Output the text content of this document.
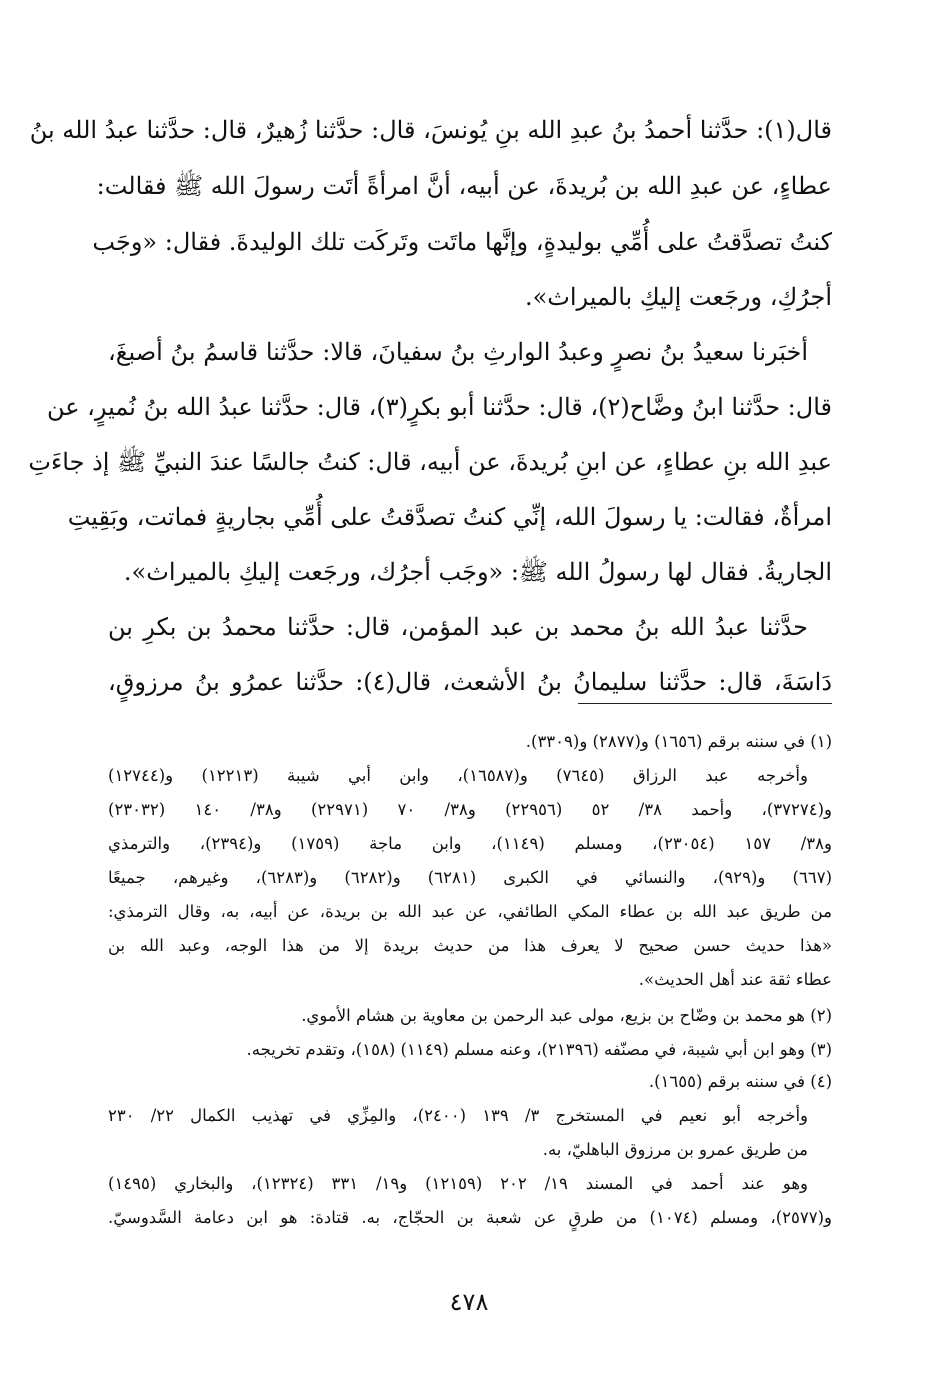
قال(١): حدَّثنا أحمدُ بنُ عبدِ الله بنِ يُونسَ، قال: حدَّثنا زُهيرٌ، قال: حدَّثنا عبدُ الله بنُ
عطاءٍ، عن عبدِ الله بن بُريدةَ، عن أبيه، أنَّ امرأةً أتَت رسولَ الله ﷺ فقالت:
كنتُ تصدَّقتُ على أُمِّي بوليدةٍ، وإنَّها ماتَت وتَركَت تلك الوليدةَ. فقال: «وجَب
أجرُكِ، ورجَعت إليكِ بالميراث».
أخبَرنا سعيدُ بنُ نصرٍ وعبدُ الوارثِ بنُ سفيانَ، قالا: حدَّثنا قاسمُ بنُ أصبغَ،
قال: حدَّثنا ابنُ وضَّاح(٢)، قال: حدَّثنا أبو بكرٍ(٣)، قال: حدَّثنا عبدُ الله بنُ نُميرٍ، عن
عبدِ الله بنِ عطاءٍ، عن ابنِ بُريدةَ، عن أبيه، قال: كنتُ جالسًا عندَ النبيِّ ﷺ إذ جاءَتِ
امرأةٌ، فقالت: يا رسولَ الله، إنِّي كنتُ تصدَّقتُ على أُمِّي بجاريةٍ فماتت، وبَقِيتِ
الجاريةُ. فقال لها رسولُ الله ﷺ: «وجَب أجرُك، ورجَعت إليكِ بالميراث».
حدَّثنا عبدُ الله بنُ محمد بن عبد المؤمن، قال: حدَّثنا محمدُ بن بكرِ بن
دَاسَةَ، قال: حدَّثنا سليمانُ بنُ الأشعث، قال(٤): حدَّثنا عمرُو بنُ مرزوقٍ،
(١) في سننه برقم (١٦٥٦) و(٢٨٧٧) و(٣٣٠٩).
وأخرجه عبد الرزاق (٧٦٤٥) و(١٦٥٨٧)، وابن أبي شيبة (١٢٢١٣) و(١٢٧٤٤)
و(٣٧٢٧٤)، وأحمد ٣٨/ ٥٢ (٢٢٩٥٦) و٣٨/ ٧٠ (٢٢٩٧١) و٣٨/ ١٤٠ (٢٣٠٣٢)
و٣٨/ ١٥٧ (٢٣٠٥٤)، ومسلم (١١٤٩)، وابن ماجة (١٧٥٩) و(٢٣٩٤)، والترمذي
(٦٦٧) و(٩٢٩)، والنسائي في الكبرى (٦٢٨١) و(٦٢٨٢) و(٦٢٨٣)، وغيرهم، جميعًا
من طريق عبد الله بن عطاء المكي الطائفي، عن عبد الله بن بريدة، عن أبيه، به، وقال الترمذي:
«هذا حديث حسن صحيح لا يعرف هذا من حديث بريدة إلا من هذا الوجه، وعبد الله بن
عطاء ثقة عند أهل الحديث».
(٢) هو محمد بن وضّاح بن بزيع، مولى عبد الرحمن بن معاوية بن هشام الأموي.
(٣) وهو ابن أبي شيبة، في مصنّفه (٢١٣٩٦)، وعنه مسلم (١١٤٩) (١٥٨)، وتقدم تخريجه.
(٤) في سننه برقم (١٦٥٥).
وأخرجه أبو نعيم في المستخرج ٣/ ١٣٩ (٢٤٠٠)، والمِزِّي في تهذيب الكمال ٢٢/ ٢٣٠
من طريق عمرو بن مرزوق الباهليّ، به.
وهو عند أحمد في المسند ١٩/ ٢٠٢ (١٢١٥٩) و١٩/ ٣٣١ (١٢٣٢٤)، والبخاري (١٤٩٥)
و(٢٥٧٧)، ومسلم (١٠٧٤) من طرقٍ عن شعبة بن الحجّاج، به. قتادة: هو ابن دعامة السَّدوسيّ.
٤٧٨
